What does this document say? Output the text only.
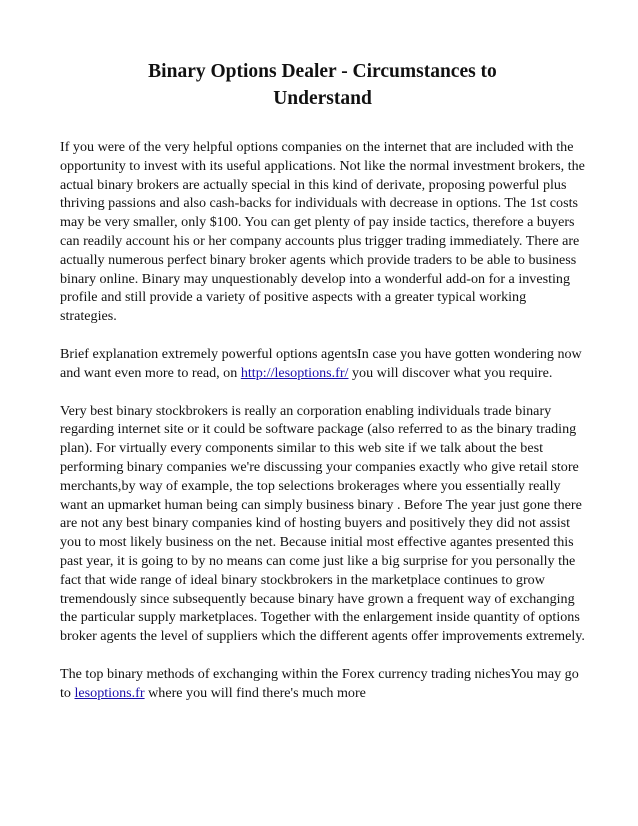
Binary Options Dealer - Circumstances to
Understand

If you were of the very helpful options companies on the internet that are included with the opportunity to invest with its useful applications. Not like the normal investment brokers, the actual binary brokers are actually special in this kind of derivate, proposing powerful plus thriving passions and also cash-backs for individuals with decrease in options. The 1st costs may be very smaller, only $100. You can get plenty of pay inside tactics, therefore a buyers can readily account his or her company accounts plus trigger trading immediately. There are actually numerous perfect binary broker agents which provide traders to be able to business binary online. Binary may unquestionably develop into a wonderful add-on for a investing profile and still provide a variety of positive aspects with a greater typical working strategies.

Brief explanation extremely powerful options agentsIn case you have gotten wondering now and want even more to read, on http://lesoptions.fr/ you will discover what you require.

Very best binary stockbrokers is really an corporation enabling individuals trade binary regarding internet site or it could be software package (also referred to as the binary trading plan). For virtually every components similar to this web site if we talk about the best performing binary companies we're discussing your companies exactly who give retail store merchants,by way of example, the top selections brokerages where you essentially really want an upmarket human being can simply business binary . Before The year just gone there are not any best binary companies kind of hosting buyers and positively they did not assist you to most likely business on the net. Because initial most effective agantes presented this past year, it is going to by no means can come just like a big surprise for you personally the fact that wide range of ideal binary stockbrokers in the marketplace continues to grow tremendously since subsequently because binary have grown a frequent way of exchanging the particular supply marketplaces. Together with the enlargement inside quantity of options broker agents the level of suppliers which the different agents offer improvements extremely.

The top binary methods of exchanging within the Forex currency trading nichesYou may go to lesoptions.fr where you will find there's much more
